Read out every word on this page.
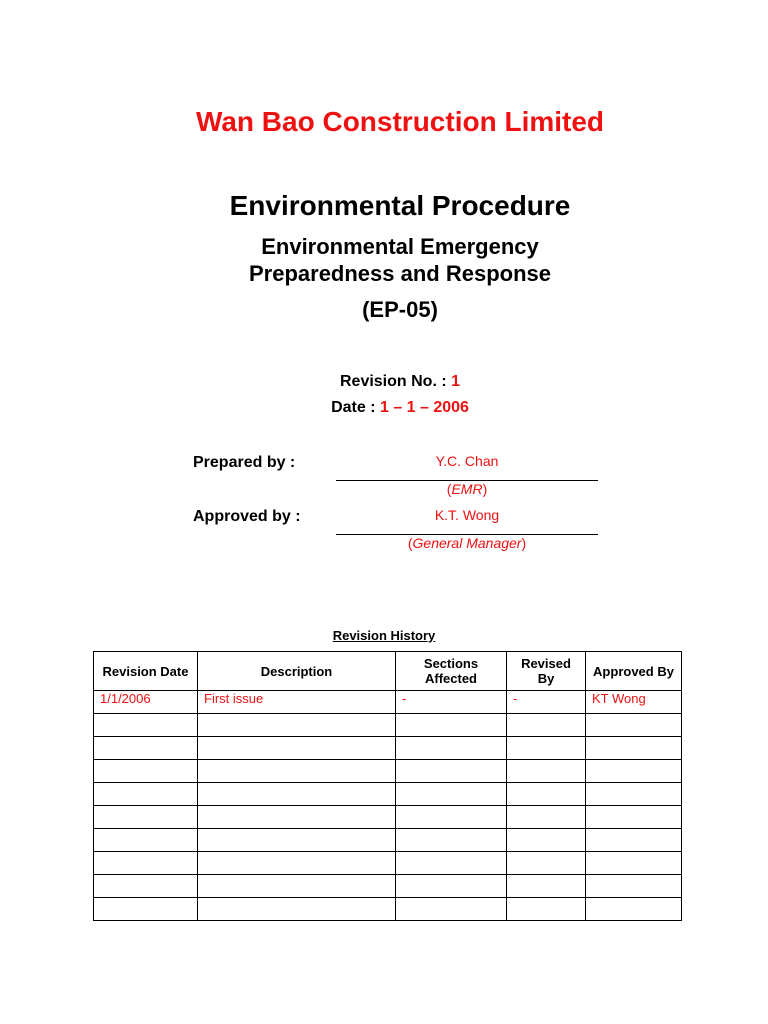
Wan Bao Construction Limited
Environmental Procedure
Environmental Emergency
Preparedness and Response
(EP-05)
Revision No. : 1
Date : 1 – 1 – 2006
Prepared by :	Y.C. Chan
(EMR)
Approved by :	K.T. Wong
(General Manager)
Revision History
Revision Date	Description	Sections Affected	Revised By	Approved By
1/1/2006	First issue	-	-	KT Wong
